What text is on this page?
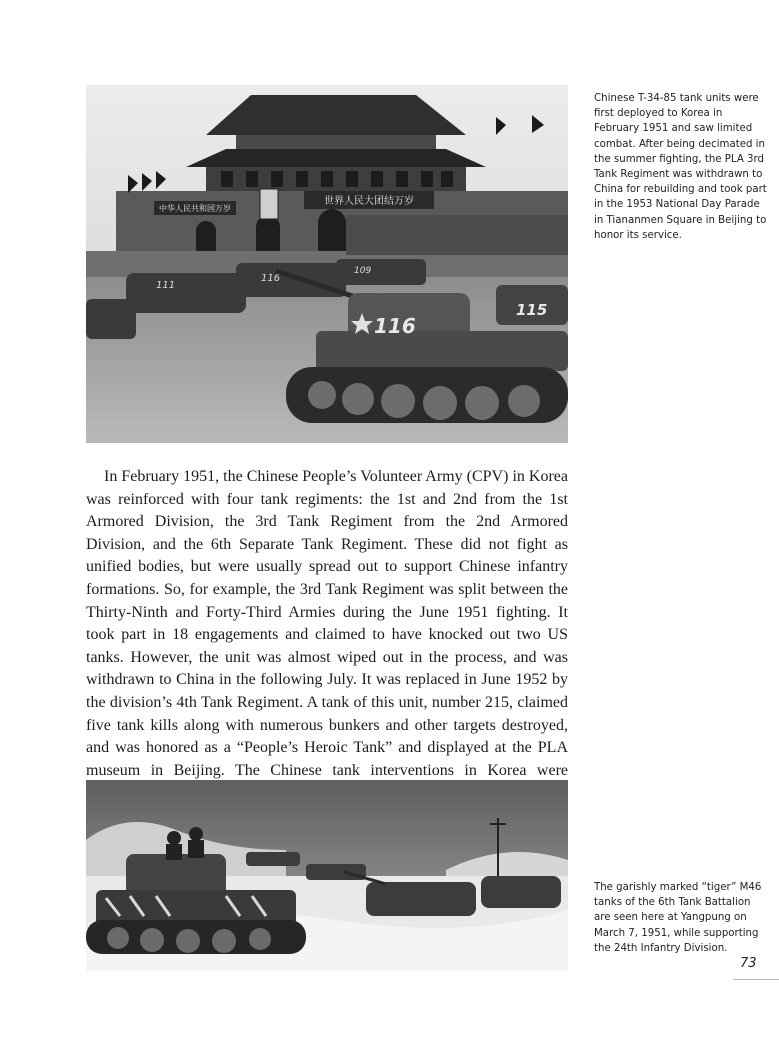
中华人民共和国万岁
世界人民大团结万岁
116
111
109
115
116

Chinese T-34-85 tank units were first deployed to Korea in February 1951 and saw limited combat. After being decimated in the summer fighting, the PLA 3rd Tank Regiment was withdrawn to China for rebuilding and took part in the 1953 National Day Parade in Tiananmen Square in Beijing to honor its service.

In February 1951, the Chinese People’s Volunteer Army (CPV) in Korea was reinforced with four tank regiments: the 1st and 2nd from the 1st Armored Division, the 3rd Tank Regiment from the 2nd Armored Division, and the 6th Separate Tank Regiment. These did not fight as unified bodies, but were usually spread out to support Chinese infantry formations. So, for example, the 3rd Tank Regiment was split between the Thirty-Ninth and Forty-Third Armies during the June 1951 fighting. It took part in 18 engagements and claimed to have knocked out two US tanks. However, the unit was almost wiped out in the process, and was withdrawn to China in the following July. It was replaced in June 1952 by the division’s 4th Tank Regiment. A tank of this unit, number 215, claimed five tank kills along with numerous bunkers and other targets destroyed, and was honored as a “People’s Heroic Tank” and displayed at the PLA museum in Beijing. The Chinese tank interventions in Korea were

The garishly marked “tiger” M46 tanks of the 6th Tank Battalion are seen here at Yangpung on March 7, 1951, while supporting the 24th Infantry Division.

73
